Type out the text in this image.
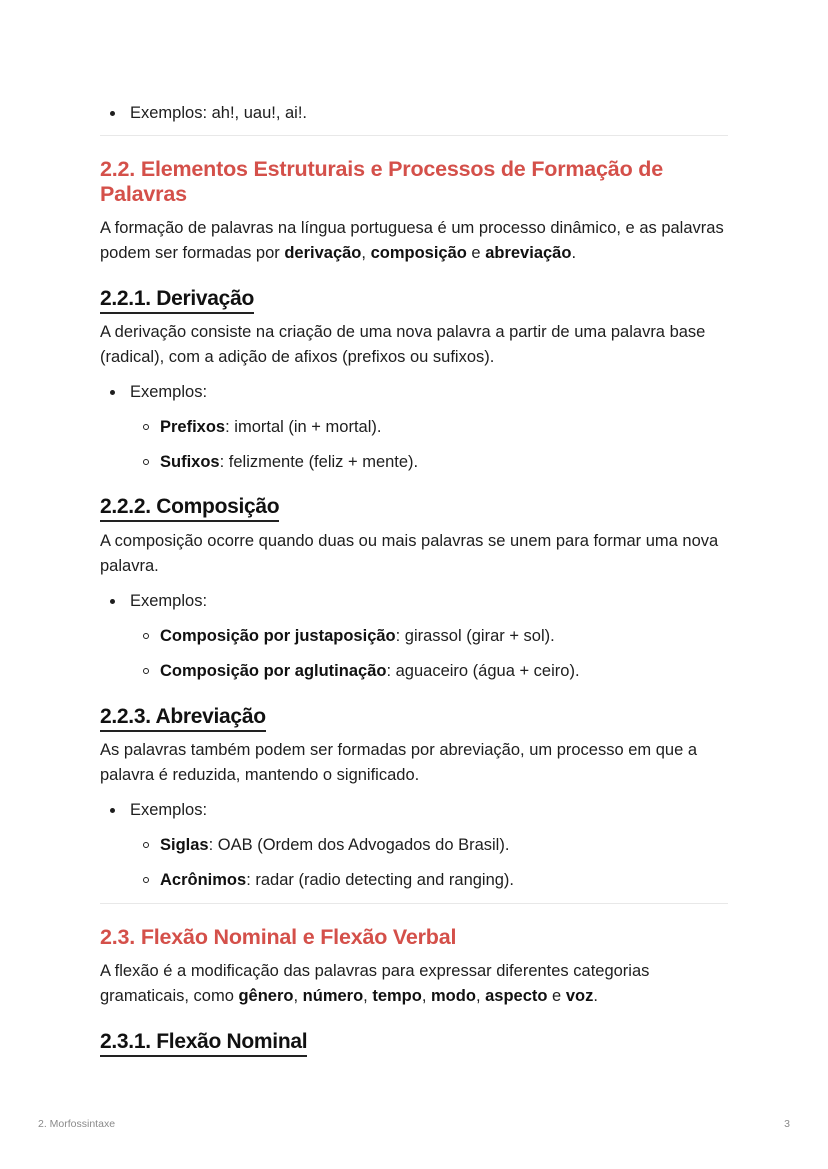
Exemplos: ah!, uau!, ai!.
2.2. Elementos Estruturais e Processos de Formação de Palavras

A formação de palavras na língua portuguesa é um processo dinâmico, e as palavras podem ser formadas por derivação, composição e abreviação.

2.2.1. Derivação

A derivação consiste na criação de uma nova palavra a partir de uma palavra base (radical), com a adição de afixos (prefixos ou sufixos).

Exemplos:
Prefixos: imortal (in + mortal).
Sufixos: felizmente (feliz + mente).
2.2.2. Composição

A composição ocorre quando duas ou mais palavras se unem para formar uma nova palavra.

Exemplos:
Composição por justaposição: girassol (girar + sol).
Composição por aglutinação: aguaceiro (água + ceiro).
2.2.3. Abreviação

As palavras também podem ser formadas por abreviação, um processo em que a palavra é reduzida, mantendo o significado.

Exemplos:
Siglas: OAB (Ordem dos Advogados do Brasil).
Acrônimos: radar (radio detecting and ranging).
2.3. Flexão Nominal e Flexão Verbal

A flexão é a modificação das palavras para expressar diferentes categorias gramaticais, como gênero, número, tempo, modo, aspecto e voz.

2.3.1. Flexão Nominal
2. Morfossintaxe	3
